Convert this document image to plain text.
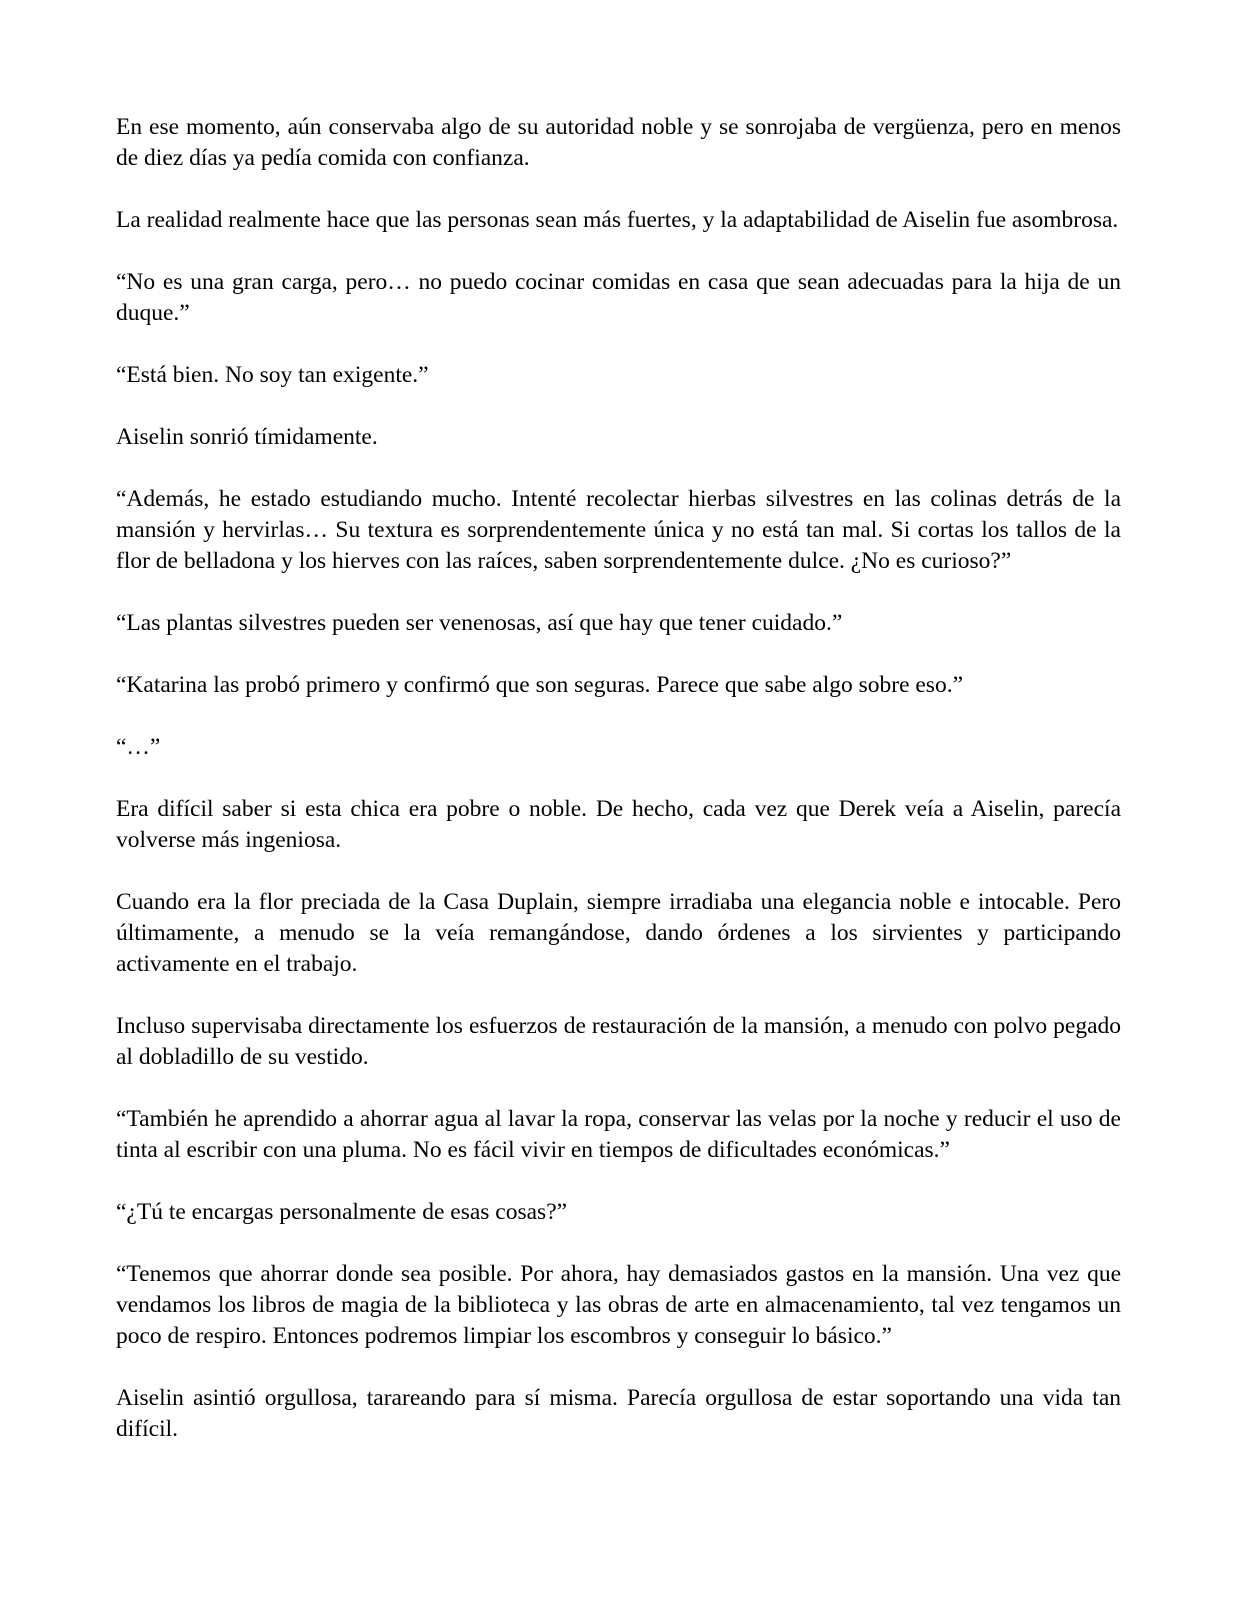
En ese momento, aún conservaba algo de su autoridad noble y se sonrojaba de vergüenza, pero en menos de diez días ya pedía comida con confianza.

La realidad realmente hace que las personas sean más fuertes, y la adaptabilidad de Aiselin fue asombrosa.

“No es una gran carga, pero… no puedo cocinar comidas en casa que sean adecuadas para la hija de un duque.”

“Está bien. No soy tan exigente.”

Aiselin sonrió tímidamente.

“Además, he estado estudiando mucho. Intenté recolectar hierbas silvestres en las colinas detrás de la mansión y hervirlas… Su textura es sorprendentemente única y no está tan mal. Si cortas los tallos de la flor de belladona y los hierves con las raíces, saben sorprendentemente dulce. ¿No es curioso?”

“Las plantas silvestres pueden ser venenosas, así que hay que tener cuidado.”

“Katarina las probó primero y confirmó que son seguras. Parece que sabe algo sobre eso.”

“…”

Era difícil saber si esta chica era pobre o noble. De hecho, cada vez que Derek veía a Aiselin, parecía volverse más ingeniosa.

Cuando era la flor preciada de la Casa Duplain, siempre irradiaba una elegancia noble e intocable. Pero últimamente, a menudo se la veía remangándose, dando órdenes a los sirvientes y participando activamente en el trabajo.

Incluso supervisaba directamente los esfuerzos de restauración de la mansión, a menudo con polvo pegado al dobladillo de su vestido.

“También he aprendido a ahorrar agua al lavar la ropa, conservar las velas por la noche y reducir el uso de tinta al escribir con una pluma. No es fácil vivir en tiempos de dificultades económicas.”

“¿Tú te encargas personalmente de esas cosas?”

“Tenemos que ahorrar donde sea posible. Por ahora, hay demasiados gastos en la mansión. Una vez que vendamos los libros de magia de la biblioteca y las obras de arte en almacenamiento, tal vez tengamos un poco de respiro. Entonces podremos limpiar los escombros y conseguir lo básico.”

Aiselin asintió orgullosa, tarareando para sí misma. Parecía orgullosa de estar soportando una vida tan difícil.
